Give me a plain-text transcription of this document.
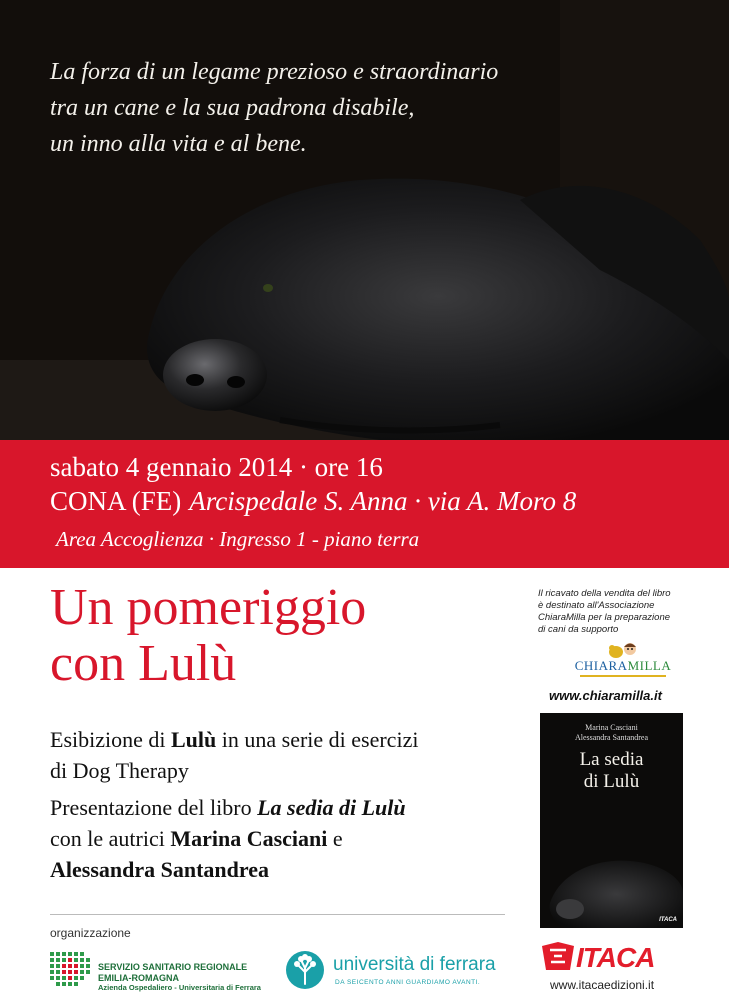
La forza di un legame prezioso e straordinario
tra un cane e la sua padrona disabile,
un inno alla vita e al bene.
sabato 4 gennaio 2014 · ore 16
CONA (FE) Arcispedale S. Anna · via A. Moro 8
Area Accoglienza · Ingresso 1 - piano terra
Un pomeriggio
con Lulù

Esibizione di Lulù in una serie di esercizi

di Dog Therapy

Presentazione del libro La sedia di Lulù

con le autrici Marina Casciani e

Alessandra Santandrea

organizzazione
SERVIZIO SANITARIO REGIONALE
EMILIA-ROMAGNA
Azienda Ospedaliero - Universitaria di Ferrara
università di ferrara
DA SEICENTO ANNI GUARDIAMO AVANTI.
Il ricavato della vendita del libro
è destinato all'Associazione
ChiaraMilla per la preparazione
di cani da supporto
CHIARAMILLA
www.chiaramilla.it
Marina Casciani
Alessandra Santandrea
La sedia
di Lulù
ITACA
ITACA
www.itacaedizioni.it
